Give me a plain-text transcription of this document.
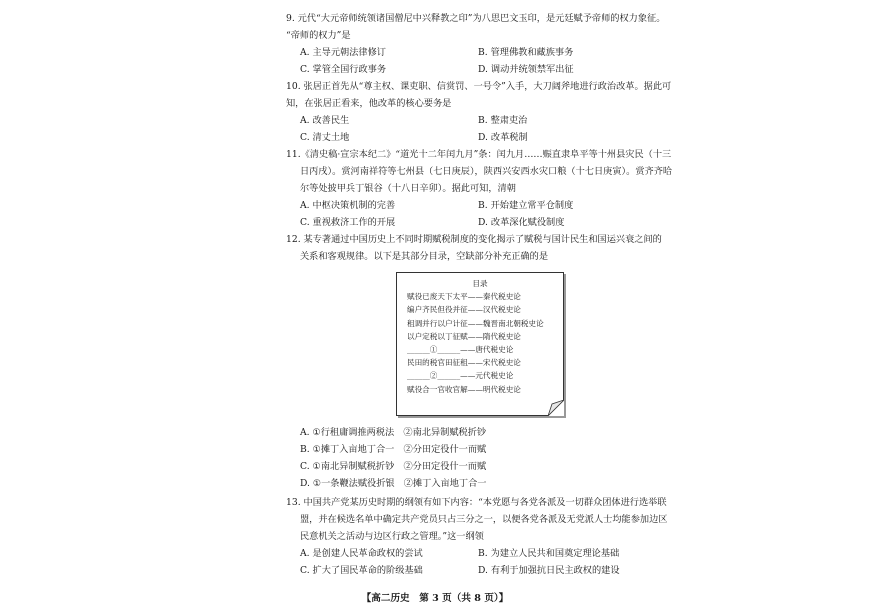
9. 元代“大元帝师统领诸国僧尼中兴释教之印”为八思巴文玉印，是元廷赋予帝师的权力象征。
“帝师的权力”是
A. 主导元朝法律修订	B. 管理佛教和藏族事务
C. 掌管全国行政事务	D. 调动并统领禁军出征
10. 张居正首先从“尊主权、课吏职、信赏罚、一号令”入手，大刀阔斧地进行政治改革。据此可
知，在张居正看来，他改革的核心要务是
A. 改善民生	B. 整肃吏治
C. 清丈土地	D. 改革税制
11.《清史稿·宣宗本纪二》“道光十二年闰九月”条：闰九月……赈直隶阜平等十州县灾民（十三
日丙戌）。赏河南祥符等七州县（七日庚辰），陕西兴安西水灾口粮（十七日庚寅）。赏齐齐哈
尔等处披甲兵丁银谷（十八日辛卯）。据此可知，清朝
A. 中枢决策机制的完善	B. 开始建立常平仓制度
C. 重视救济工作的开展	D. 改革深化赋役制度
12. 某专著通过中国历史上不同时期赋税制度的变化揭示了赋税与国计民生和国运兴衰之间的
关系和客观规律。以下是其部分目录，空缺部分补充正确的是
目录
赋役已废天下太平——秦代税史论
编户齐民但役并征——汉代税史论
租调并行以户计征——魏晋南北朝税史论
以户定税以丁征赋——隋代税史论
______①______——唐代税史论
民田的税官田征租——宋代税史论
______②______——元代税史论
赋役合一官收官解——明代税史论
A. ①行租庸调推两税法　②南北异制赋税折钞
B. ①摊丁入亩地丁合一　②分田定役什一而赋
C. ①南北异制赋税折钞　②分田定役什一而赋
D. ①一条鞭法赋役折银　②摊丁入亩地丁合一
13. 中国共产党某历史时期的纲领有如下内容：“本党愿与各党各派及一切群众团体进行选举联
盟，并在候选名单中确定共产党员只占三分之一，以便各党各派及无党派人士均能参加边区
民意机关之活动与边区行政之管理。”这一纲领
A. 是创建人民革命政权的尝试	B. 为建立人民共和国奠定理论基础
C. 扩大了国民革命的阶级基础	D. 有利于加强抗日民主政权的建设
【高二历史　第 3 页（共 8 页）】
